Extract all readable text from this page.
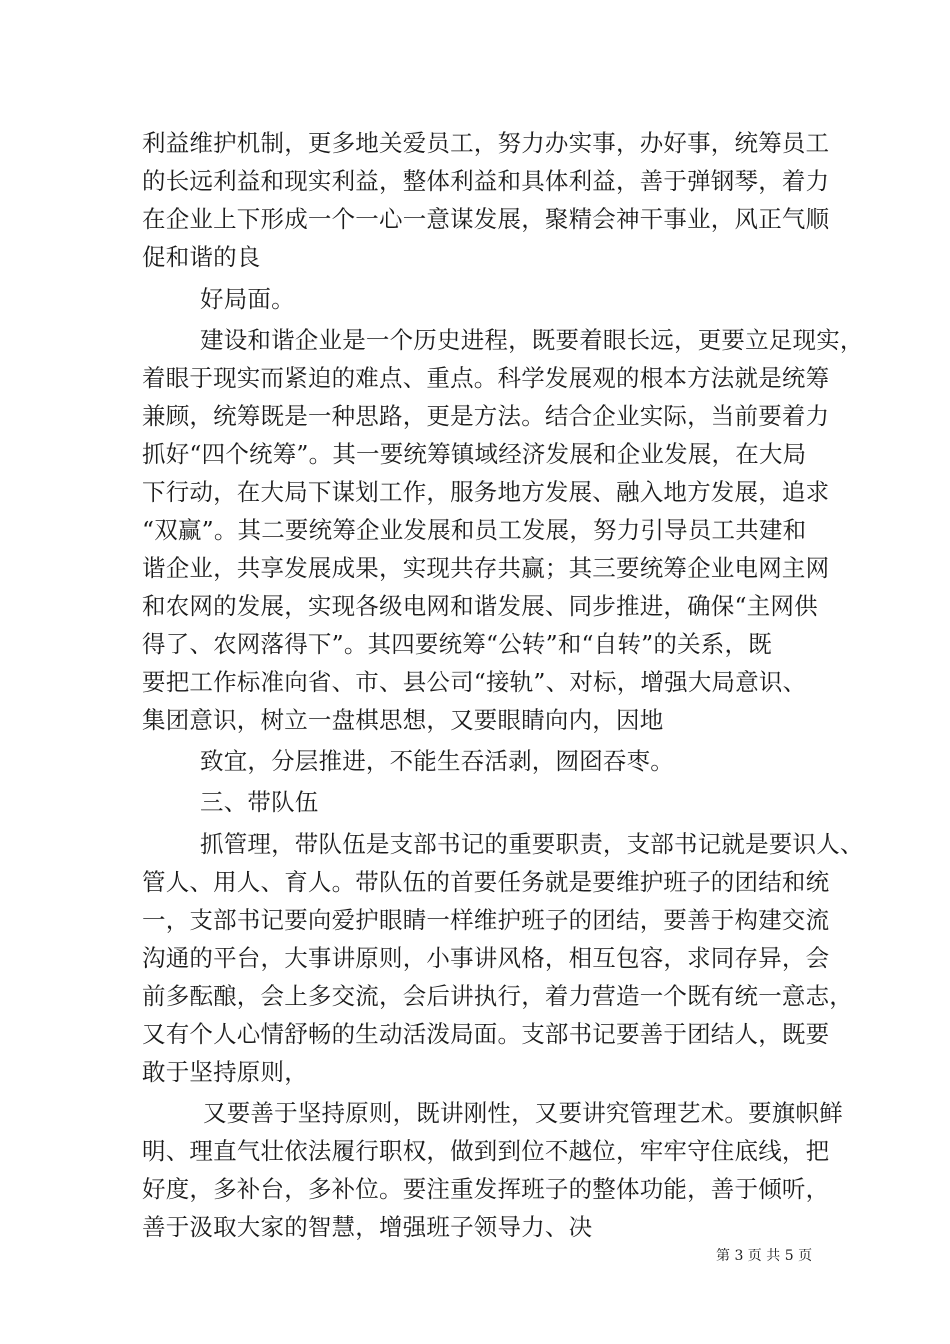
利益维护机制，更多地关爱员工，努力办实事，办好事，统筹员工
的长远利益和现实利益，整体利益和具体利益，善于弹钢琴，着力
在企业上下形成一个一心一意谋发展，聚精会神干事业，风正气顺
促和谐的良
好局面。
建设和谐企业是一个历史进程，既要着眼长远，更要立足现实，
着眼于现实而紧迫的难点、重点。科学发展观的根本方法就是统筹
兼顾，统筹既是一种思路，更是方法。结合企业实际，当前要着力
抓好“四个统筹”。其一要统筹镇域经济发展和企业发展，在大局
下行动，在大局下谋划工作，服务地方发展、融入地方发展，追求
“双赢”。其二要统筹企业发展和员工发展，努力引导员工共建和
谐企业，共享发展成果，实现共存共赢；其三要统筹企业电网主网
和农网的发展，实现各级电网和谐发展、同步推进，确保“主网供
得了、农网落得下”。其四要统筹“公转”和“自转”的关系，既
要把工作标准向省、市、县公司“接轨”、对标，增强大局意识、
集团意识，树立一盘棋思想，又要眼睛向内，因地
致宜，分层推进，不能生吞活剥，囫囵吞枣。
三、带队伍
抓管理，带队伍是支部书记的重要职责，支部书记就是要识人、
管人、用人、育人。带队伍的首要任务就是要维护班子的团结和统
一，支部书记要向爱护眼睛一样维护班子的团结，要善于构建交流
沟通的平台，大事讲原则，小事讲风格，相互包容，求同存异，会
前多酝酿，会上多交流，会后讲执行，着力营造一个既有统一意志，
又有个人心情舒畅的生动活泼局面。支部书记要善于团结人，既要
敢于坚持原则，
又要善于坚持原则，既讲刚性，又要讲究管理艺术。要旗帜鲜
明、理直气壮依法履行职权，做到到位不越位，牢牢守住底线，把
好度，多补台，多补位。要注重发挥班子的整体功能，善于倾听，
善于汲取大家的智慧，增强班子领导力、决
第 3 页 共 5 页
